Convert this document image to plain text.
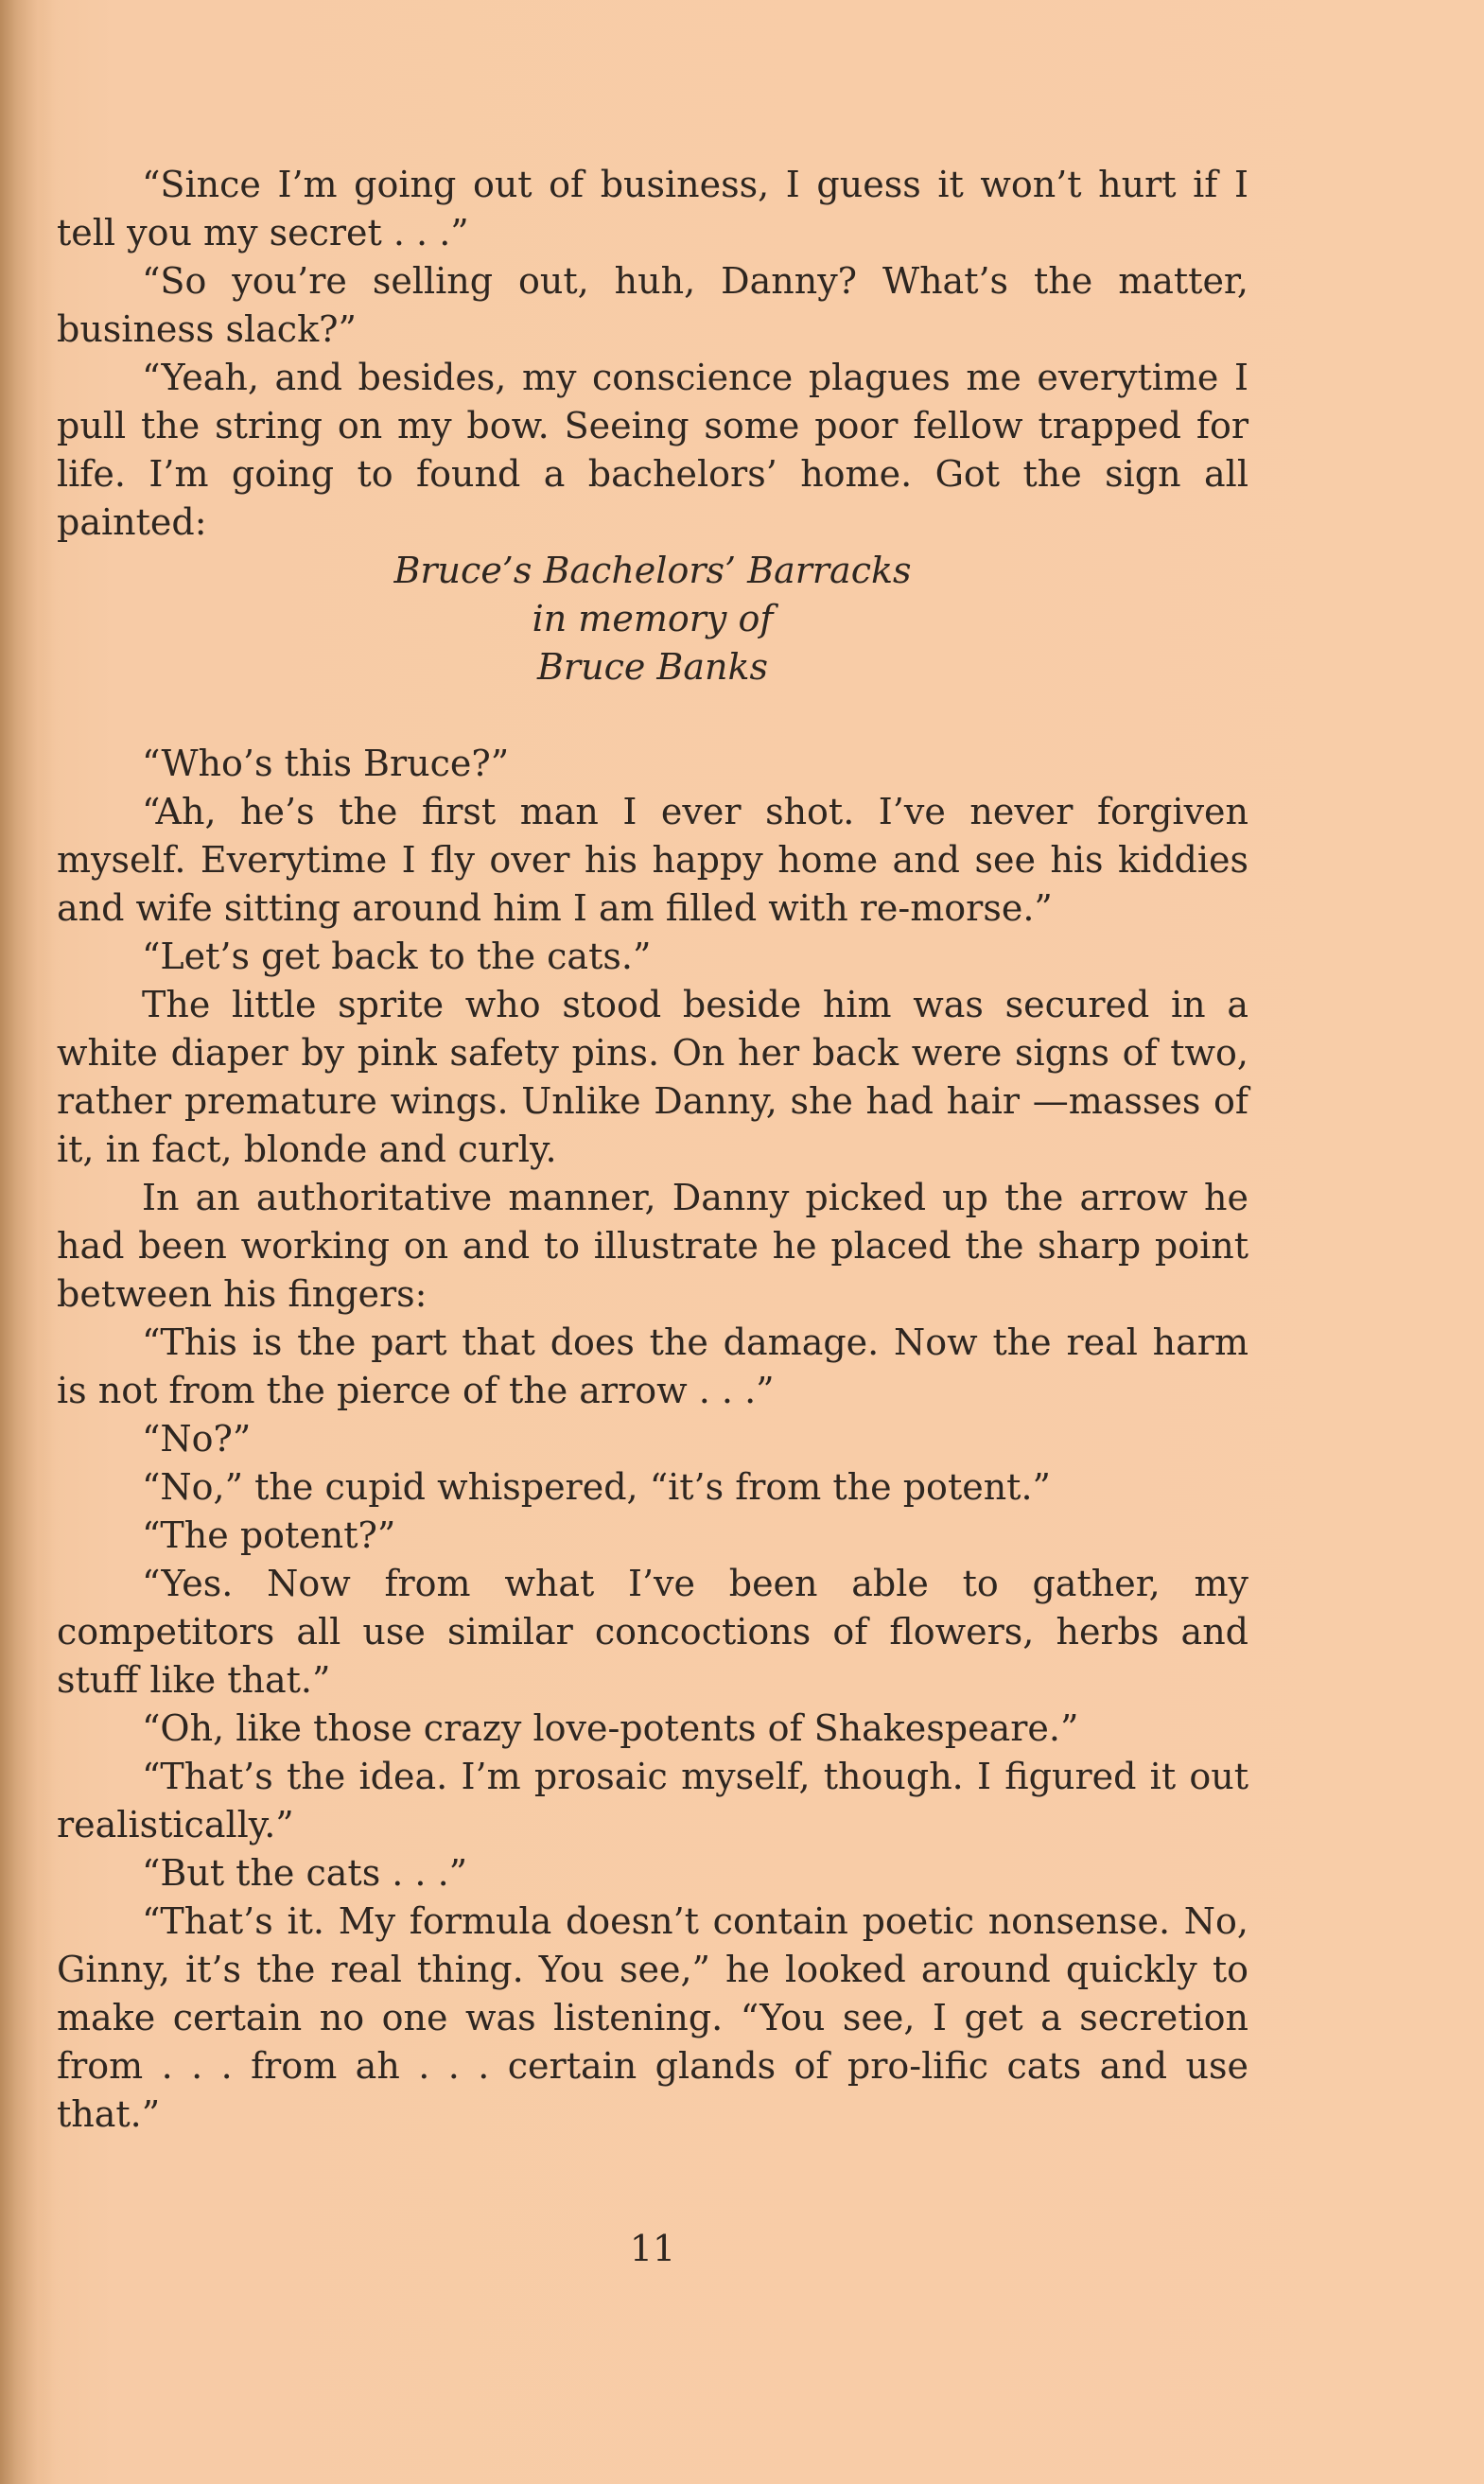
“Since I’m going out of business, I guess it won’t hurt if I tell you my secret . . .”

“So you’re selling out, huh, Danny? What’s the matter, business slack?”

“Yeah, and besides, my conscience plagues me everytime I pull the string on my bow. Seeing some poor fellow trapped for life. I’m going to found a bachelors’ home. Got the sign all painted:

Bruce’s Bachelors’ Barracks
in memory of
Bruce Banks

“Who’s this Bruce?”

“Ah, he’s the first man I ever shot. I’ve never forgiven myself. Everytime I fly over his happy home and see his kiddies and wife sitting around him I am filled with re-morse.”

“Let’s get back to the cats.”

The little sprite who stood beside him was secured in a white diaper by pink safety pins. On her back were signs of two, rather premature wings. Unlike Danny, she had hair —masses of it, in fact, blonde and curly.

In an authoritative manner, Danny picked up the arrow he had been working on and to illustrate he placed the sharp point between his fingers:

“This is the part that does the damage. Now the real harm is not from the pierce of the arrow . . .”

“No?”

“No,” the cupid whispered, “it’s from the potent.”

“The potent?”

“Yes. Now from what I’ve been able to gather, my competitors all use similar concoctions of flowers, herbs and stuff like that.”

“Oh, like those crazy love-potents of Shakespeare.”

“That’s the idea. I’m prosaic myself, though. I figured it out realistically.”

“But the cats . . .”

“That’s it. My formula doesn’t contain poetic nonsense. No, Ginny, it’s the real thing. You see,” he looked around quickly to make certain no one was listening. “You see, I get a secretion from . . . from ah . . . certain glands of pro-lific cats and use that.”

11
